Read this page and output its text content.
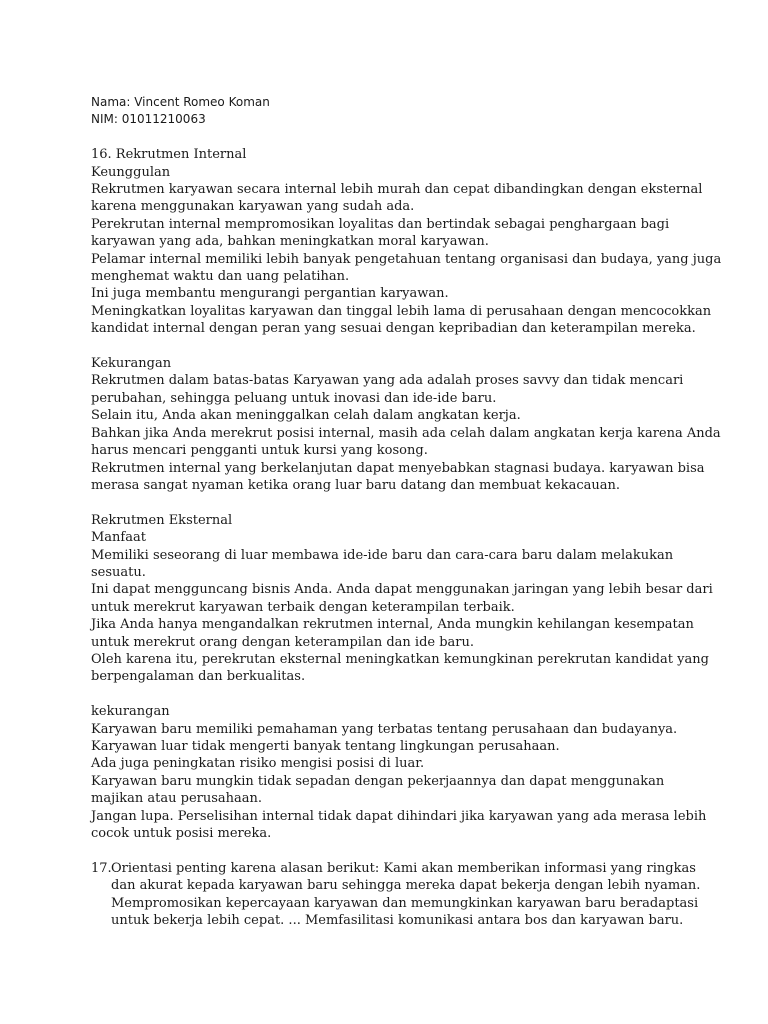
Nama: Vincent Romeo Koman
NIM: 01011210063
16. Rekrutmen Internal
Keunggulan
Rekrutmen karyawan secara internal lebih murah dan cepat dibandingkan dengan eksternal
karena menggunakan karyawan yang sudah ada.
Perekrutan internal mempromosikan loyalitas dan bertindak sebagai penghargaan bagi
karyawan yang ada, bahkan meningkatkan moral karyawan.
Pelamar internal memiliki lebih banyak pengetahuan tentang organisasi dan budaya, yang juga
menghemat waktu dan uang pelatihan.
Ini juga membantu mengurangi pergantian karyawan.
Meningkatkan loyalitas karyawan dan tinggal lebih lama di perusahaan dengan mencocokkan
kandidat internal dengan peran yang sesuai dengan kepribadian dan keterampilan mereka.
Kekurangan
Rekrutmen dalam batas-batas Karyawan yang ada adalah proses savvy dan tidak mencari
perubahan, sehingga peluang untuk inovasi dan ide-ide baru.
Selain itu, Anda akan meninggalkan celah dalam angkatan kerja.
Bahkan jika Anda merekrut posisi internal, masih ada celah dalam angkatan kerja karena Anda
harus mencari pengganti untuk kursi yang kosong.
Rekrutmen internal yang berkelanjutan dapat menyebabkan stagnasi budaya. karyawan bisa
merasa sangat nyaman ketika orang luar baru datang dan membuat kekacauan.
Rekrutmen Eksternal
Manfaat
Memiliki seseorang di luar membawa ide-ide baru dan cara-cara baru dalam melakukan
sesuatu.
Ini dapat mengguncang bisnis Anda. Anda dapat menggunakan jaringan yang lebih besar dari
untuk merekrut karyawan terbaik dengan keterampilan terbaik.
Jika Anda hanya mengandalkan rekrutmen internal, Anda mungkin kehilangan kesempatan
untuk merekrut orang dengan keterampilan dan ide baru.
Oleh karena itu, perekrutan eksternal meningkatkan kemungkinan perekrutan kandidat yang
berpengalaman dan berkualitas.
kekurangan
Karyawan baru memiliki pemahaman yang terbatas tentang perusahaan dan budayanya.
Karyawan luar tidak mengerti banyak tentang lingkungan perusahaan.
Ada juga peningkatan risiko mengisi posisi di luar.
Karyawan baru mungkin tidak sepadan dengan pekerjaannya dan dapat menggunakan
majikan atau perusahaan.
Jangan lupa. Perselisihan internal tidak dapat dihindari jika karyawan yang ada merasa lebih
cocok untuk posisi mereka.
17. Orientasi penting karena alasan berikut: Kami akan memberikan informasi yang ringkas
dan akurat kepada karyawan baru sehingga mereka dapat bekerja dengan lebih nyaman.
Mempromosikan kepercayaan karyawan dan memungkinkan karyawan baru beradaptasi
untuk bekerja lebih cepat. ... Memfasilitasi komunikasi antara bos dan karyawan baru.
